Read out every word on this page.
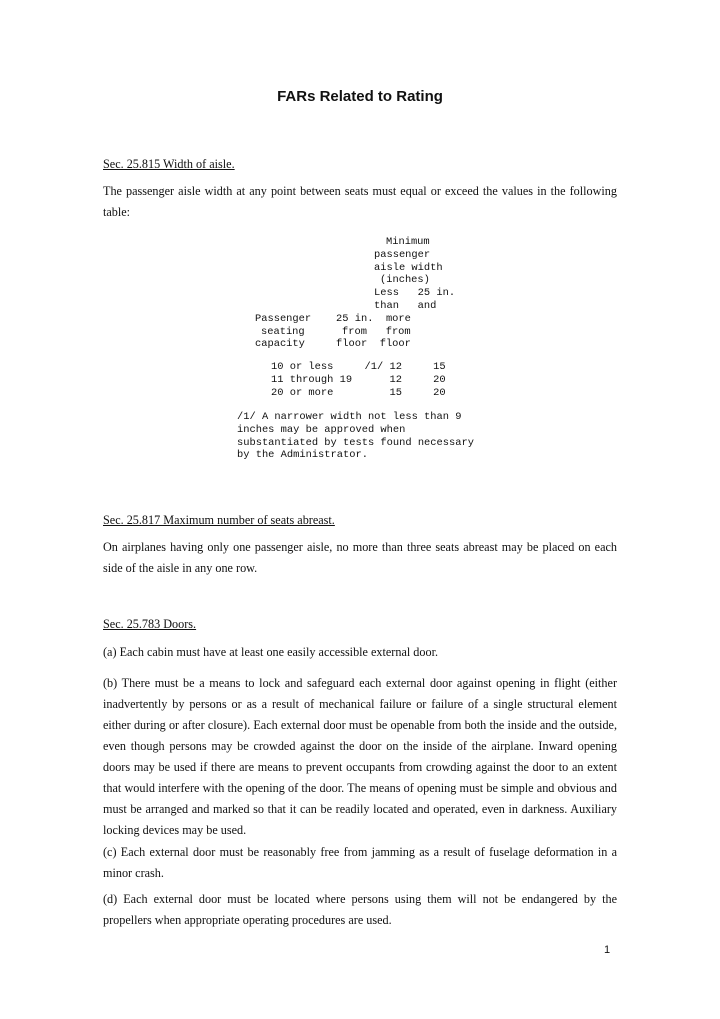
FARs Related to Rating
Sec. 25.815 Width of aisle.

The passenger aisle width at any point between seats must equal or exceed the values in the following table:

Minimum
passenger
aisle width
(inches)
Less   25 in.
than   and
Passenger    25 in.  more
seating      from   from
capacity     floor  floor
10 or less     /1/ 12     15
11 through 19      12     20
20 or more         15     20
/1/ A narrower width not less than 9
inches may be approved when
substantiated by tests found necessary
by the Administrator.
Sec. 25.817 Maximum number of seats abreast.

On airplanes having only one passenger aisle, no more than three seats abreast may be placed on each side of the aisle in any one row.

Sec. 25.783 Doors.

(a) Each cabin must have at least one easily accessible external door.

(b) There must be a means to lock and safeguard each external door against opening in flight (either inadvertently by persons or as a result of mechanical failure or failure of a single structural element either during or after closure). Each external door must be openable from both the inside and the outside, even though persons may be crowded against the door on the inside of the airplane. Inward opening doors may be used if there are means to prevent occupants from crowding against the door to an extent that would interfere with the opening of the door. The means of opening must be simple and obvious and must be arranged and marked so that it can be readily located and operated, even in darkness. Auxiliary locking devices may be used.

(c) Each external door must be reasonably free from jamming as a result of fuselage deformation in a minor crash.

(d) Each external door must be located where persons using them will not be endangered by the propellers when appropriate operating procedures are used.

1
